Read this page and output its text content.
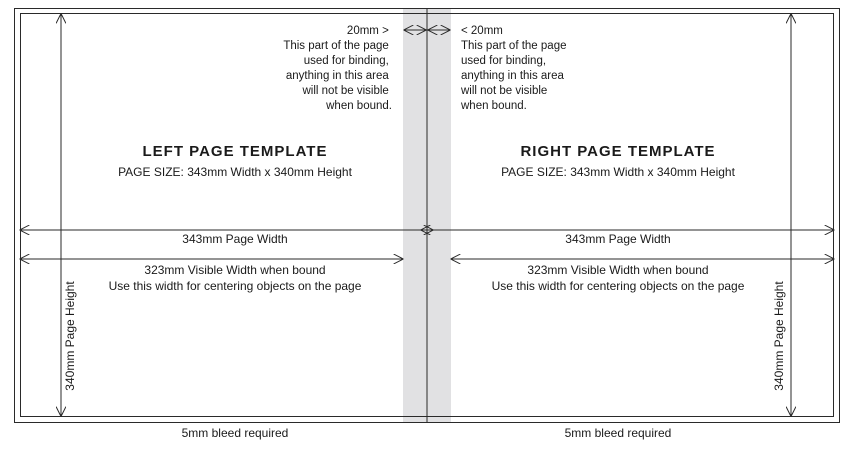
20mm > This part of the page used for binding, anything in this area will not be visible when bound.
< 20mm This part of the page used for binding, anything in this area will not be visible when bound.
LEFT PAGE TEMPLATE
PAGE SIZE: 343mm Width x 340mm Height
RIGHT PAGE TEMPLATE
PAGE SIZE: 343mm Width x 340mm Height
343mm Page Width	343mm Page Width
323mm Visible Width when bound
Use this width for centering objects on the page
323mm Visible Width when bound
Use this width for centering objects on the page
340mm Page Height	340mm Page Height
5mm bleed required	5mm bleed required
